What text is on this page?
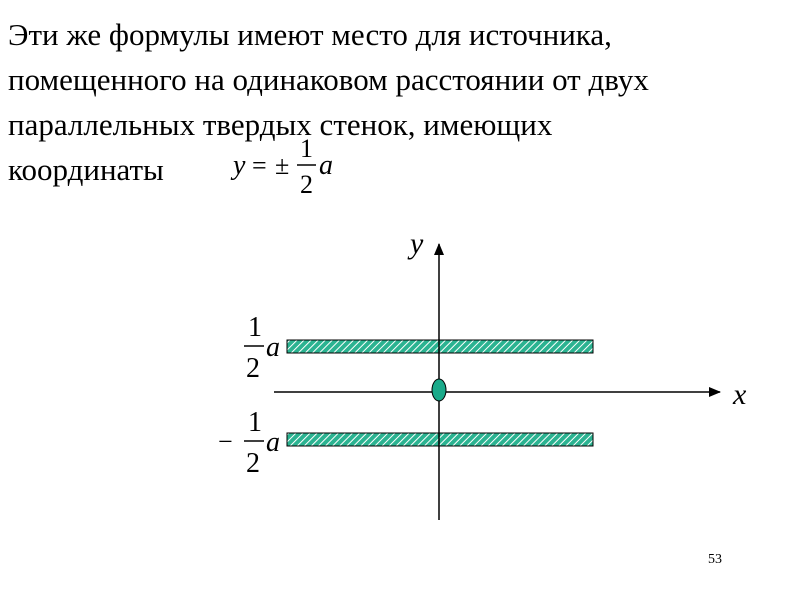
Эти же формулы имеют место для источника,
помещенного на одинаковом расстоянии от двух
параллельных твердых стенок, имеющих
координаты	y = ±
1
2
a
y
x
1
2
a
−
1
2
a
53
